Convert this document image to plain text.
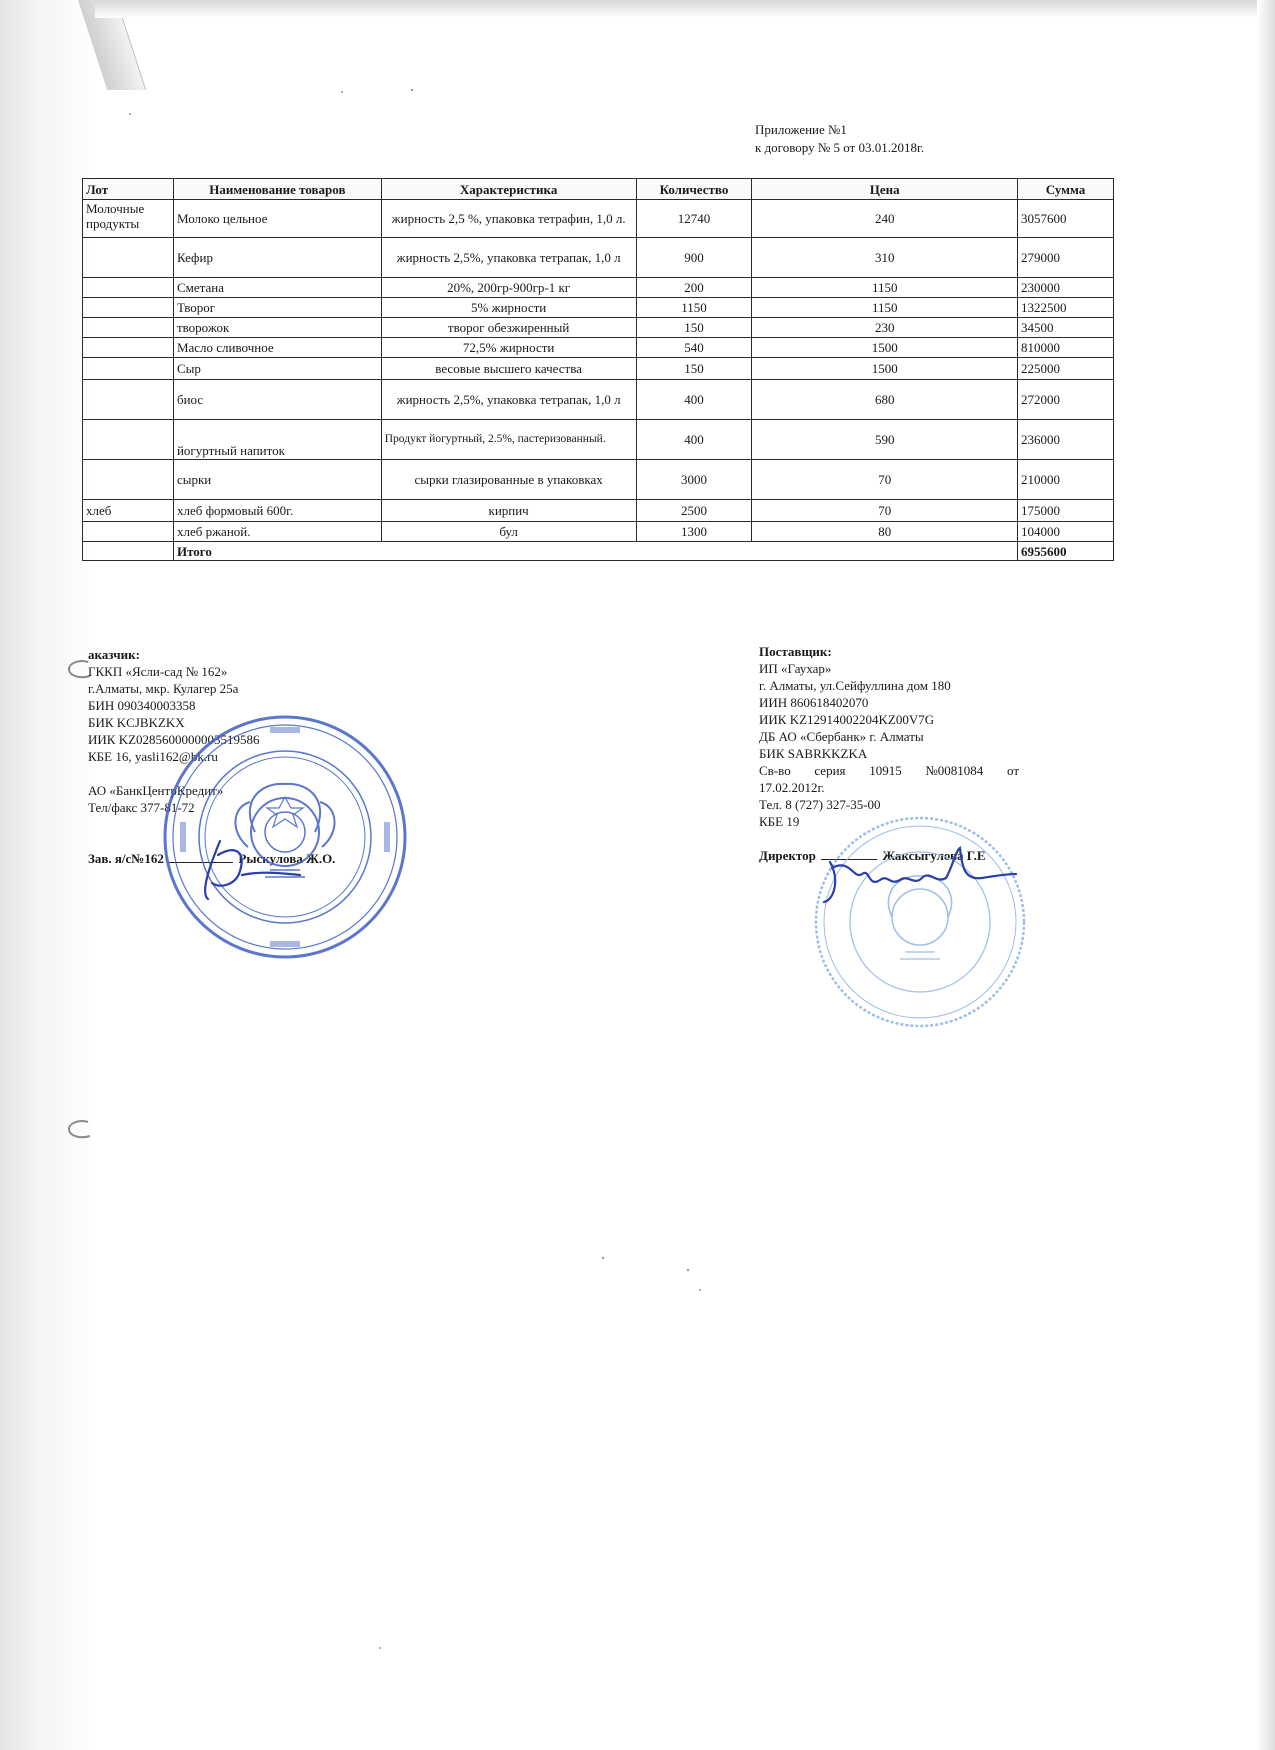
Приложение №1
к договору № 5 от 03.01.2018г.
Лот	Наименование товаров	Характеристика	Количество	Цена	Сумма
Молочные продукты	Молоко цельное	жирность 2,5 %, упаковка тетрафин, 1,0 л.	12740	240	3057600
	Кефир	жирность 2,5%, упаковка тетрапак, 1,0 л	900	310	279000
	Сметана	20%, 200гр-900гр-1 кг	200	1150	230000
	Творог	5% жирности	1150	1150	1322500
	творожок	творог обезжиренный	150	230	34500
	Масло сливочное	72,5% жирности	540	1500	810000
	Сыр	весовые высшего качества	150	1500	225000
	биос	жирность 2,5%, упаковка тетрапак, 1,0 л	400	680	272000
	йогуртный напиток	Продукт йогуртный, 2.5%, пастеризованный.	400	590	236000
	сырки	сырки глазированные в упаковках	3000	70	210000
хлеб	хлеб формовый 600г.	кирпич	2500	70	175000
	хлеб ржаной.	бул	1300	80	104000
	Итого				6955600
аказчик:
ГККП «Ясли-сад № 162»
г.Алматы, мкр. Кулагер 25а
БИН 090340003358
БИК KCJBKZKX
ИИК KZ0285600000003519586
КБЕ 16, yasli162@bk.ru
АО «БанкЦентрКредит»
Тел/факс 377-81-72
Зав. я/с№162	Рыскулова Ж.О.
Поставщик:
ИП «Гаухар»
г. Алматы, ул.Сейфуллина дом 180
ИИН 860618402070
ИИК KZ12914002204KZ00V7G
ДБ АО «Сбербанк» г. Алматы
БИК SABRKKZKA
Св-во серия 10915 №0081084 от
17.02.2012г.
Тел. 8 (727) 327-35-00
КБЕ 19
Директор	Жаксыгулова Г.Е
